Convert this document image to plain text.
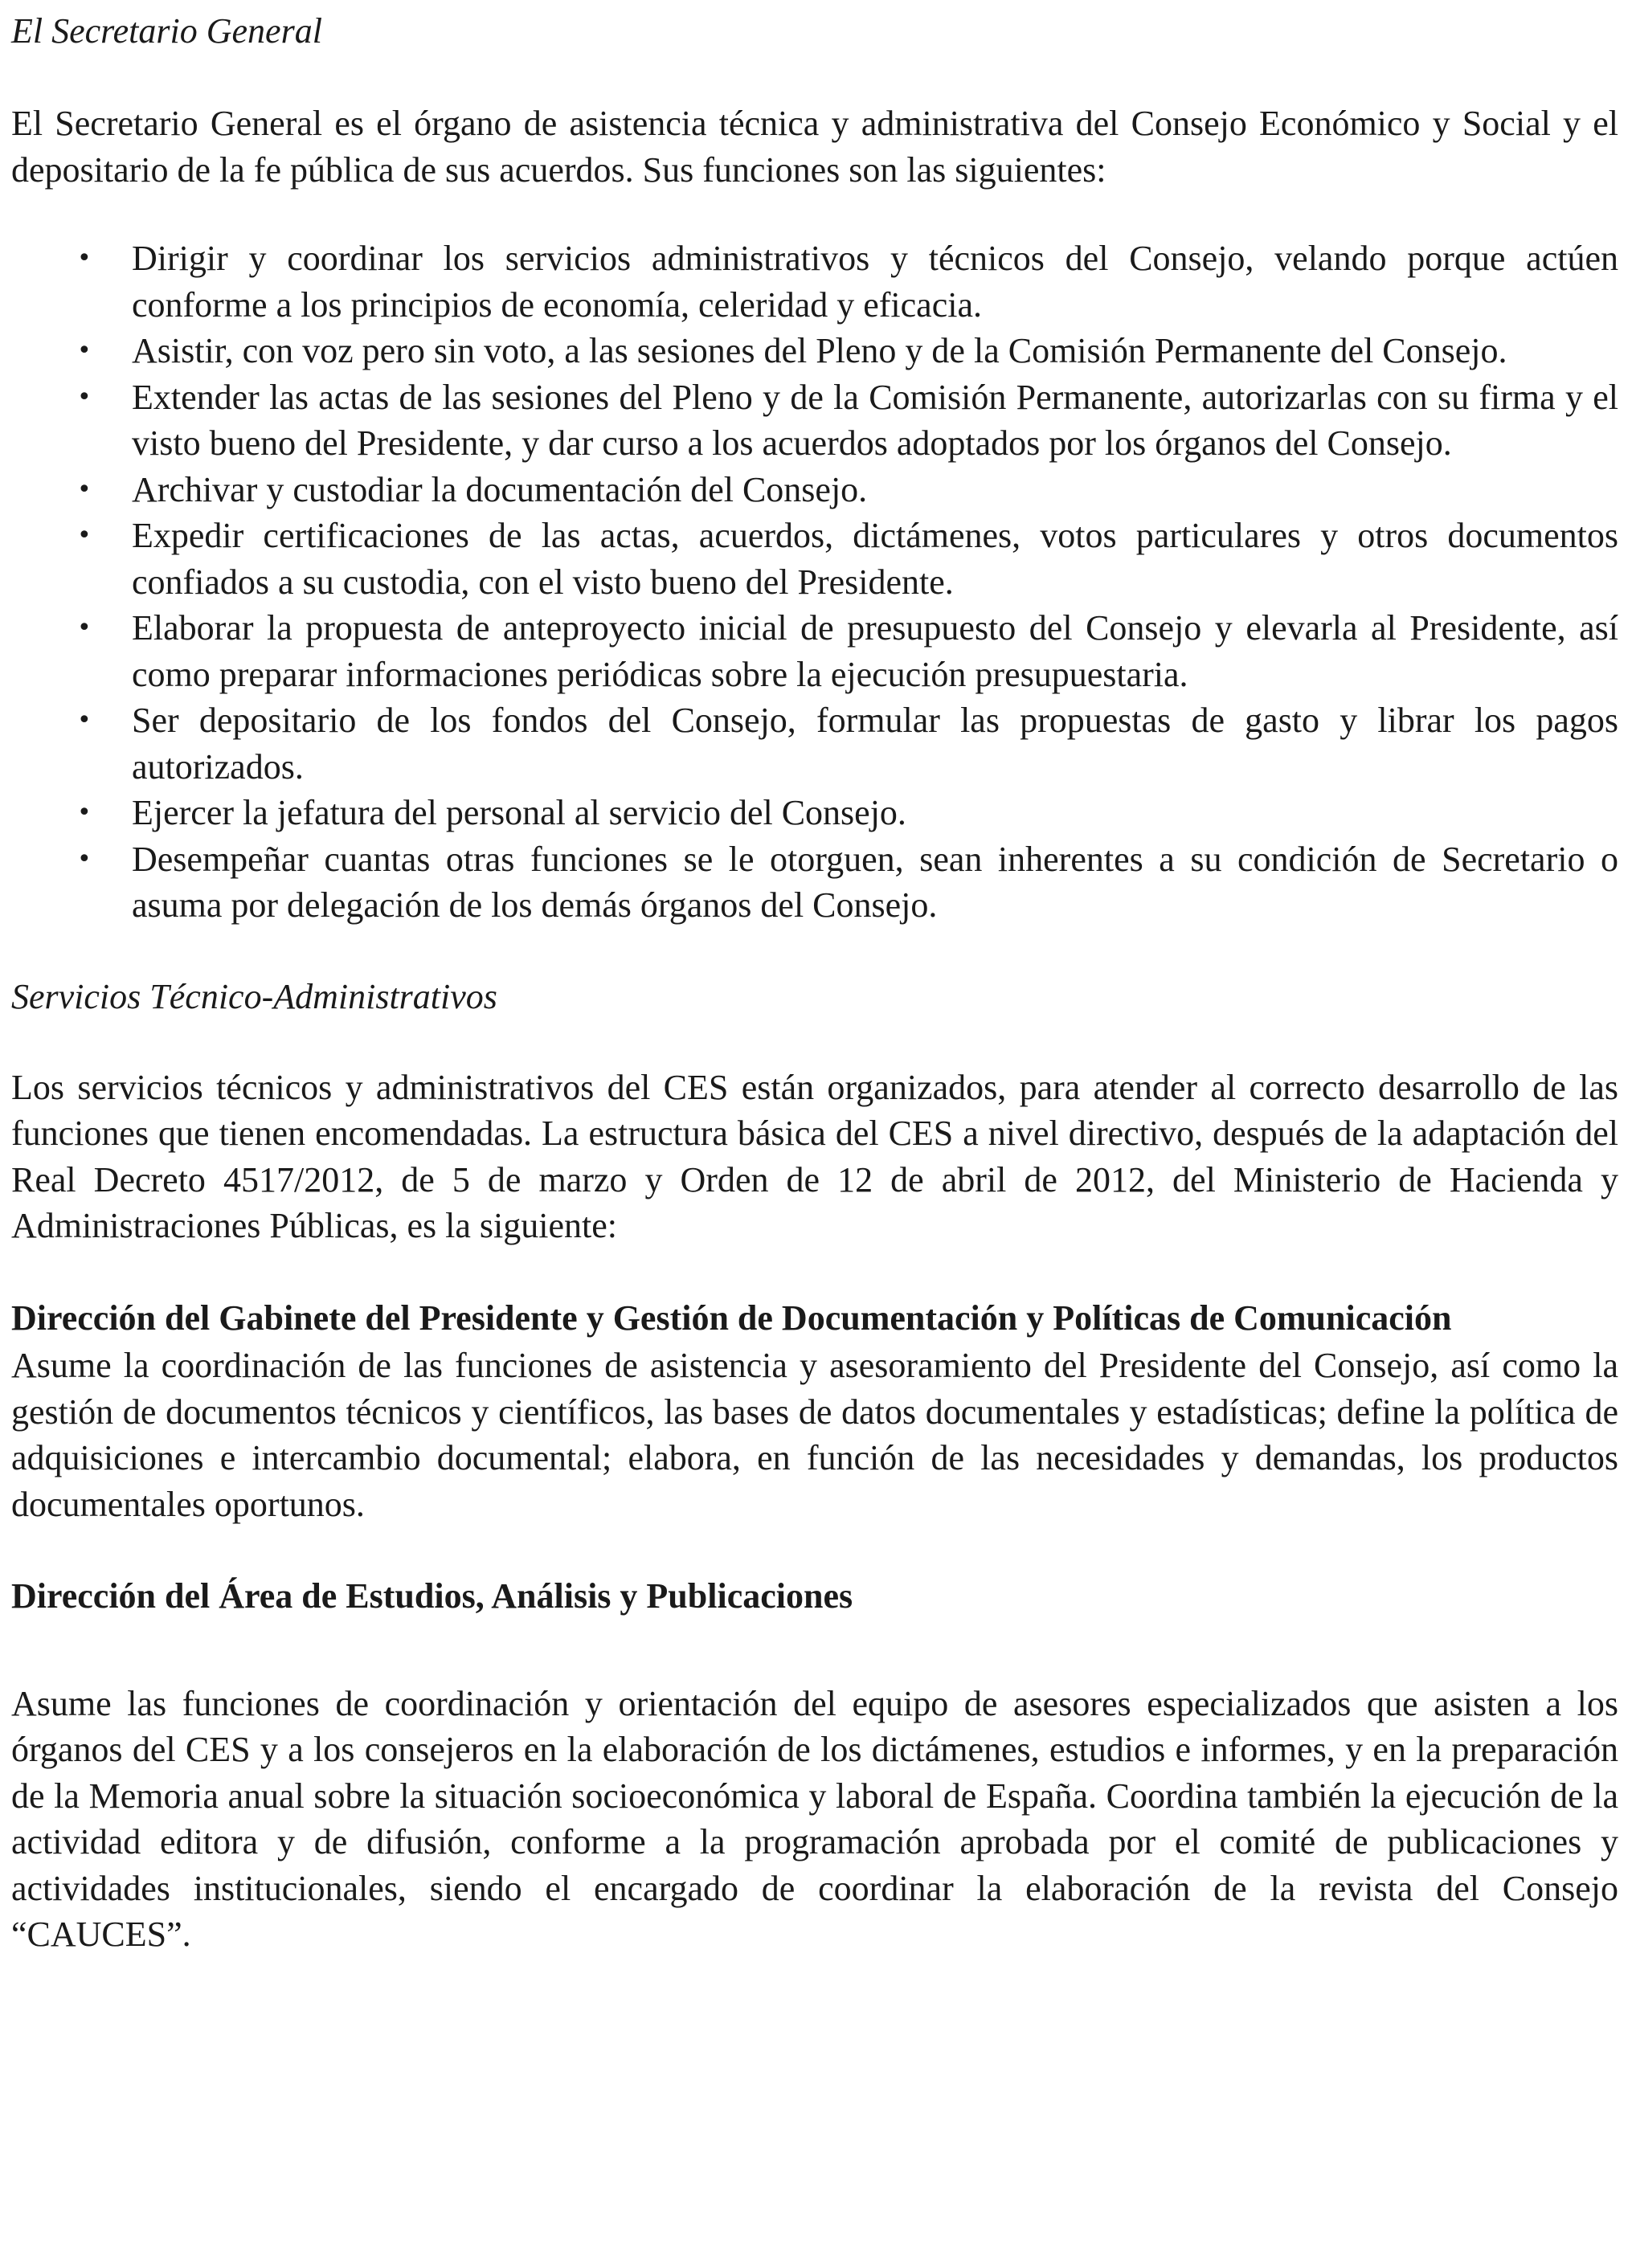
El Secretario General

El Secretario General es el órgano de asistencia técnica y administrativa del Consejo Económico y Social y el depositario de la fe pública de sus acuerdos. Sus funciones son las siguientes:

• Dirigir y coordinar los servicios administrativos y técnicos del Consejo, velando porque actúen conforme a los principios de economía, celeridad y eficacia.
• Asistir, con voz pero sin voto, a las sesiones del Pleno y de la Comisión Permanente del Consejo.
• Extender las actas de las sesiones del Pleno y de la Comisión Permanente, autorizarlas con su firma y el visto bueno del Presidente, y dar curso a los acuerdos adoptados por los órganos del Consejo.
• Archivar y custodiar la documentación del Consejo.
• Expedir certificaciones de las actas, acuerdos, dictámenes, votos particulares y otros documentos confiados a su custodia, con el visto bueno del Presidente.
• Elaborar la propuesta de anteproyecto inicial de presupuesto del Consejo y elevarla al Presidente, así como preparar informaciones periódicas sobre la ejecución presupuestaria.
• Ser depositario de los fondos del Consejo, formular las propuestas de gasto y librar los pagos autorizados.
• Ejercer la jefatura del personal al servicio del Consejo.
• Desempeñar cuantas otras funciones se le otorguen, sean inherentes a su condición de Secretario o asuma por delegación de los demás órganos del Consejo.

Servicios Técnico-Administrativos

Los servicios técnicos y administrativos del CES están organizados, para atender al correcto desarrollo de las funciones que tienen encomendadas. La estructura básica del CES a nivel directivo, después de la adaptación del Real Decreto 4517/2012, de 5 de marzo y Orden de 12 de abril de 2012, del Ministerio de Hacienda y Administraciones Públicas, es la siguiente:

Dirección del Gabinete del Presidente y Gestión de Documentación y Políticas de Comunicación

Asume la coordinación de las funciones de asistencia y asesoramiento del Presidente del Consejo, así como la gestión de documentos técnicos y científicos, las bases de datos documentales y estadísticas; define la política de adquisiciones e intercambio documental; elabora, en función de las necesidades y demandas, los productos documentales oportunos.

Dirección del Área de Estudios, Análisis y Publicaciones

Asume las funciones de coordinación y orientación del equipo de asesores especializados que asisten a los órganos del CES y a los consejeros en la elaboración de los dictámenes, estudios e informes, y en la preparación de la Memoria anual sobre la situación socioeconómica y laboral de España. Coordina también la ejecución de la actividad editora y de difusión, conforme a la programación aprobada por el comité de publicaciones y actividades institucionales, siendo el encargado de coordinar la elaboración de la revista del Consejo “CAUCES”.
